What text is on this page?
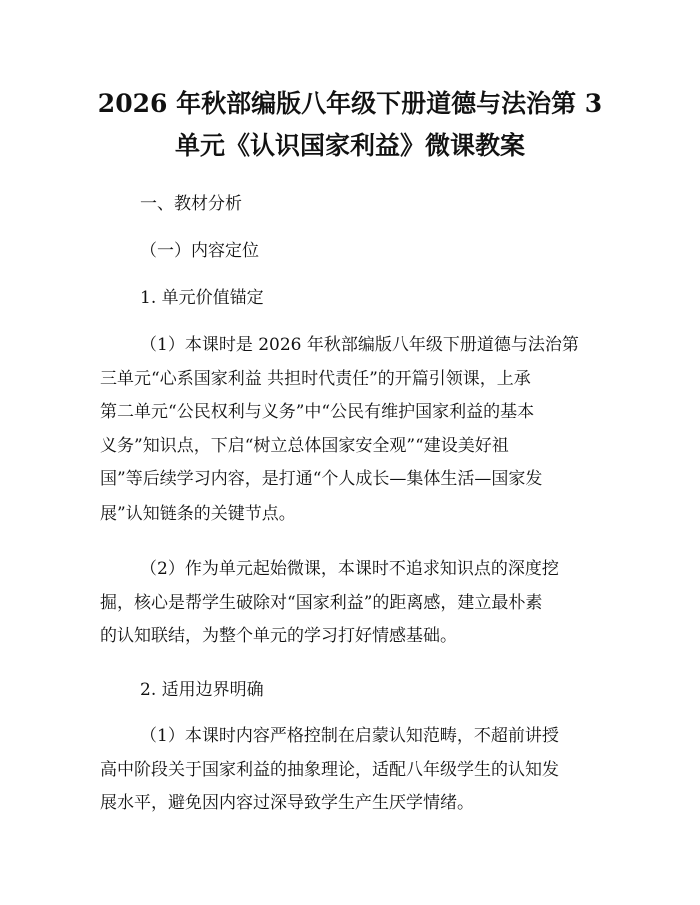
2026 年秋部编版八年级下册道德与法治第 3
单元《认识国家利益》微课教案
一、教材分析
（一）内容定位
1. 单元价值锚定
（1）本课时是 2026 年秋部编版八年级下册道德与法治第
三单元“心系国家利益 共担时代责任”的开篇引领课，上承
第二单元“公民权利与义务”中“公民有维护国家利益的基本
义务”知识点，下启“树立总体国家安全观”“建设美好祖
国”等后续学习内容，是打通“个人成长—集体生活—国家发
展”认知链条的关键节点。
（2）作为单元起始微课，本课时不追求知识点的深度挖
掘，核心是帮学生破除对“国家利益”的距离感，建立最朴素
的认知联结，为整个单元的学习打好情感基础。
2. 适用边界明确
（1）本课时内容严格控制在启蒙认知范畴，不超前讲授
高中阶段关于国家利益的抽象理论，适配八年级学生的认知发
展水平，避免因内容过深导致学生产生厌学情绪。
